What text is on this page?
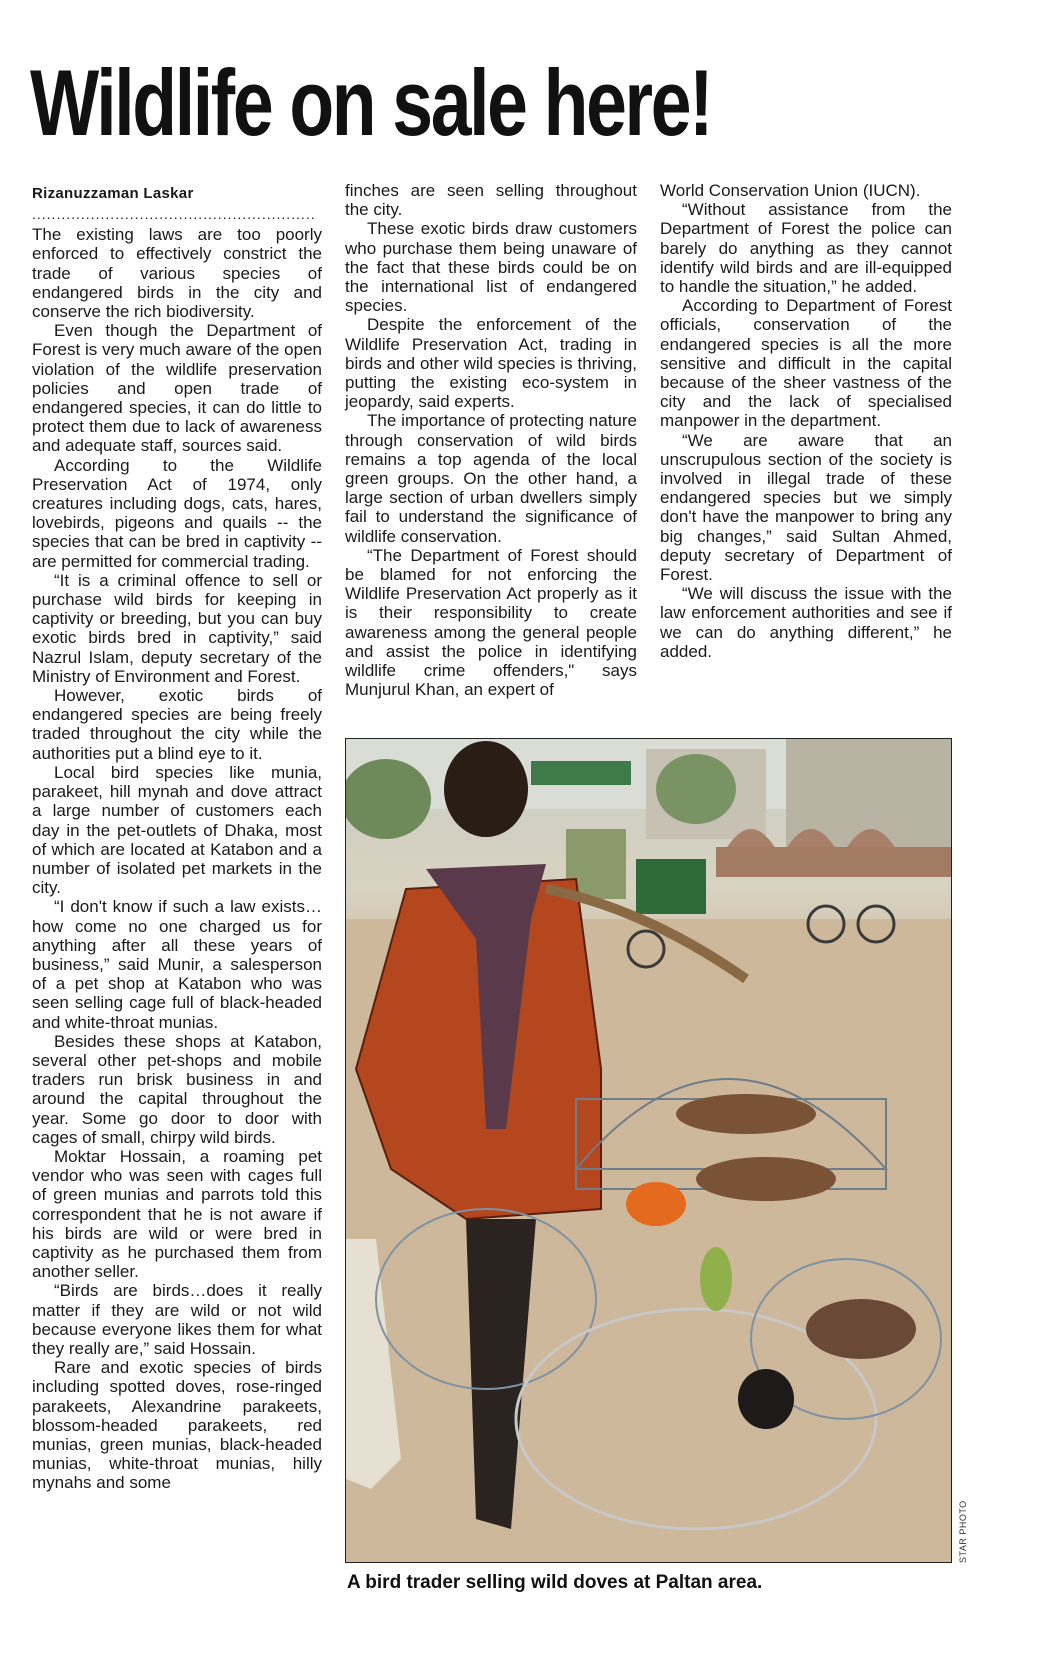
Wildlife on sale here!
Rizanuzzaman Laskar
..........................................................

The existing laws are too poorly enforced to effectively constrict the trade of various species of endangered birds in the city and conserve the rich biodiversity.

Even though the Department of Forest is very much aware of the open violation of the wildlife preservation policies and open trade of endangered species, it can do little to protect them due to lack of awareness and adequate staff, sources said.

According to the Wildlife Preservation Act of 1974, only creatures including dogs, cats, hares, lovebirds, pigeons and quails -- the species that can be bred in captivity -- are permitted for commercial trading.

“It is a criminal offence to sell or purchase wild birds for keeping in captivity or breeding, but you can buy exotic birds bred in captivity,” said Nazrul Islam, deputy secretary of the Ministry of Environment and Forest.

However, exotic birds of endangered species are being freely traded throughout the city while the authorities put a blind eye to it.

Local bird species like munia, parakeet, hill mynah and dove attract a large number of customers each day in the pet-outlets of Dhaka, most of which are located at Katabon and a number of isolated pet markets in the city.

“I don't know if such a law exists…how come no one charged us for anything after all these years of business,” said Munir, a salesperson of a pet shop at Katabon who was seen selling cage full of black-headed and white-throat munias.

Besides these shops at Katabon, several other pet-shops and mobile traders run brisk business in and around the capital throughout the year. Some go door to door with cages of small, chirpy wild birds.

Moktar Hossain, a roaming pet vendor who was seen with cages full of green munias and parrots told this correspondent that he is not aware if his birds are wild or were bred in captivity as he purchased them from another seller.

“Birds are birds…does it really matter if they are wild or not wild because everyone likes them for what they really are,” said Hossain.

Rare and exotic species of birds including spotted doves, rose-ringed parakeets, Alexandrine parakeets, blossom-headed parakeets, red munias, green munias, black-headed munias, white-throat munias, hilly mynahs and some

finches are seen selling throughout the city.

These exotic birds draw customers who purchase them being unaware of the fact that these birds could be on the international list of endangered species.

Despite the enforcement of the Wildlife Preservation Act, trading in birds and other wild species is thriving, putting the existing eco-system in jeopardy, said experts.

The importance of protecting nature through conservation of wild birds remains a top agenda of the local green groups. On the other hand, a large section of urban dwellers simply fail to understand the significance of wildlife conservation.

“The Department of Forest should be blamed for not enforcing the Wildlife Preservation Act properly as it is their responsibility to create awareness among the general people and assist the police in identifying wildlife crime offenders," says Munjurul Khan, an expert of

World Conservation Union (IUCN).

“Without assistance from the Department of Forest the police can barely do anything as they cannot identify wild birds and are ill-equipped to handle the situation,” he added.

According to Department of Forest officials, conservation of the endangered species is all the more sensitive and difficult in the capital because of the sheer vastness of the city and the lack of specialised manpower in the department.

“We are aware that an unscrupulous section of the society is involved in illegal trade of these endangered species but we simply don't have the manpower to bring any big changes,” said Sultan Ahmed, deputy secretary of Department of Forest.

“We will discuss the issue with the law enforcement authorities and see if we can do anything different,” he added.

STAR PHOTO
A bird trader selling wild doves at Paltan area.
